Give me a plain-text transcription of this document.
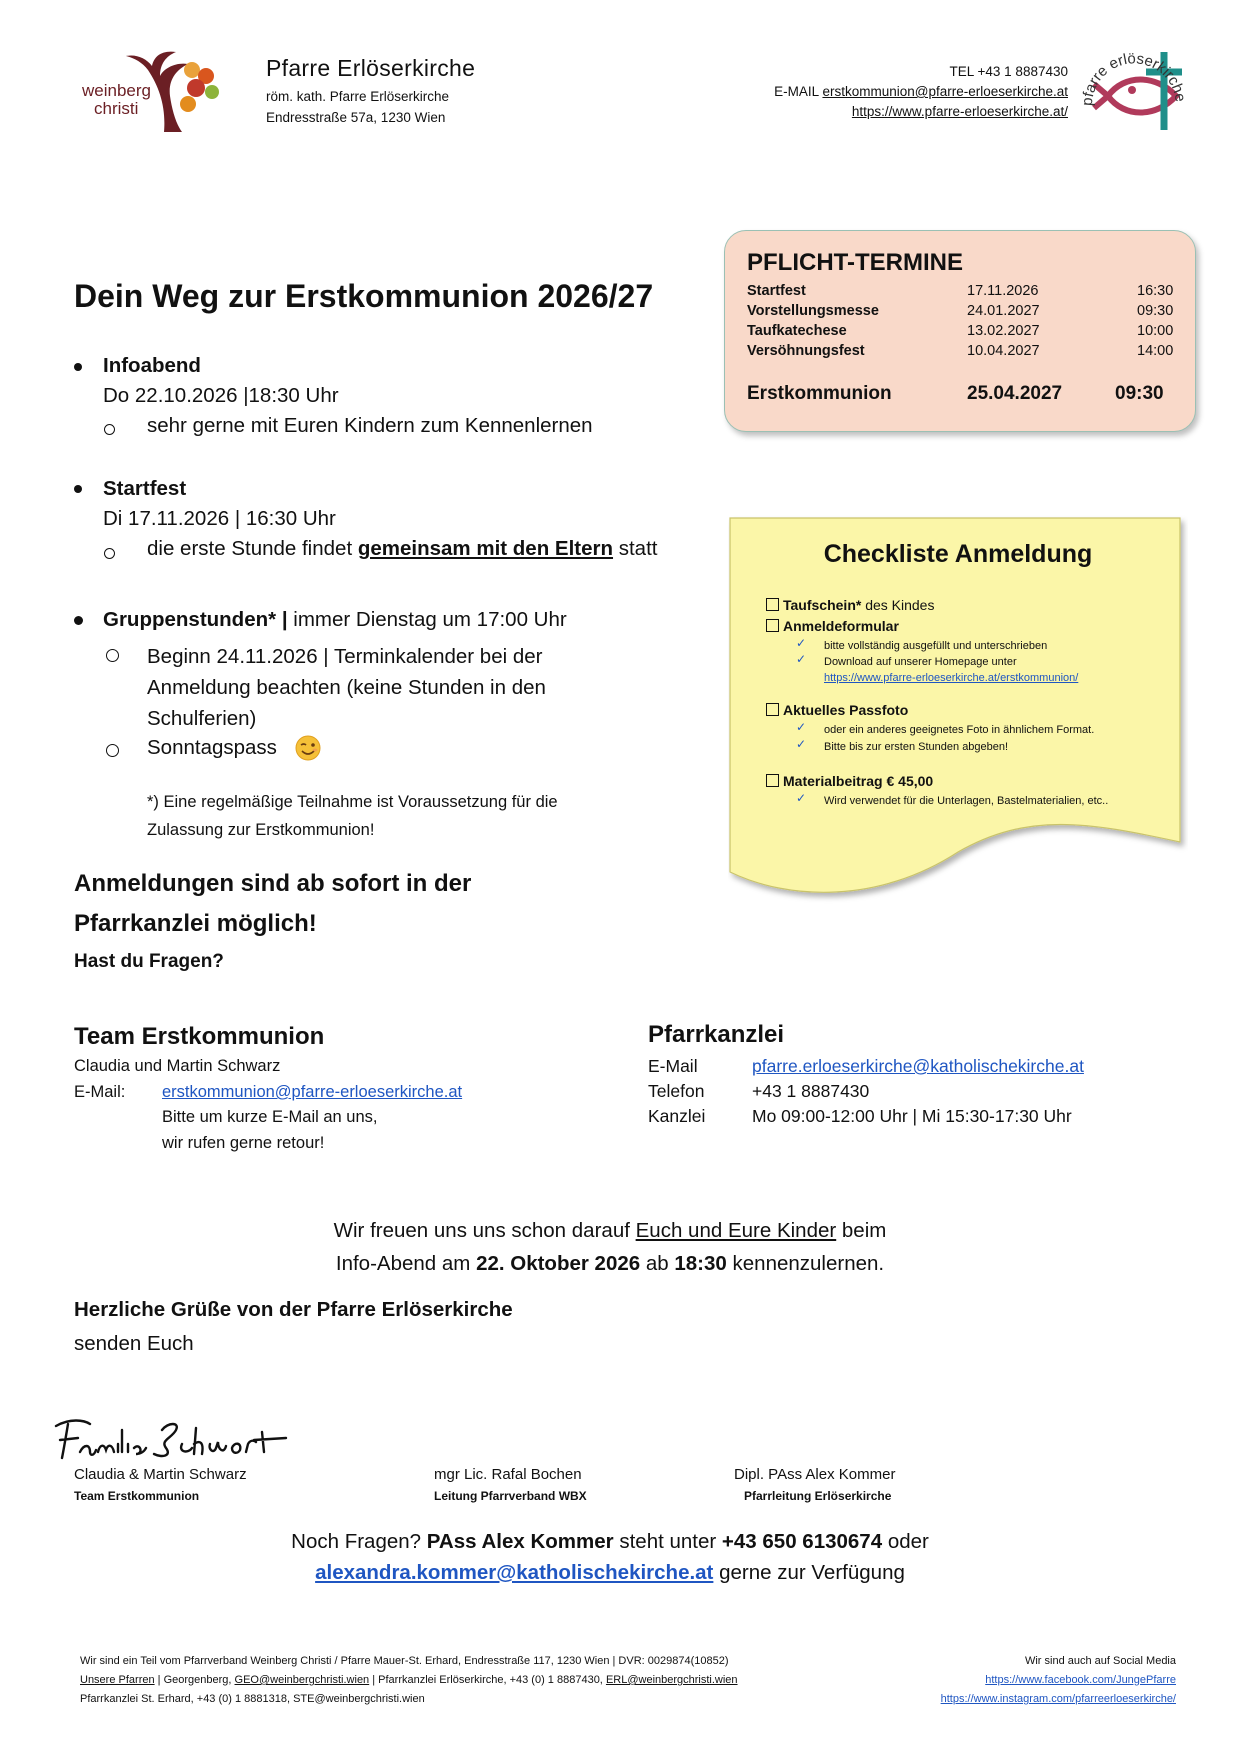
weinberg
christi
Pfarre Erlöserkirche
röm. kath. Pfarre Erlöserkirche
Endresstraße 57a, 1230 Wien
TEL +43 1 8887430
E-MAIL erstkommunion@pfarre-erloeserkirche.at
https://www.pfarre-erloeserkirche.at/
pfarre erlöserkirche
Dein Weg zur Erstkommunion 2026/27
Infoabend
Do 22.10.2026 |18:30 Uhr
sehr gerne mit Euren Kindern zum Kennenlernen
Startfest
Di 17.11.2026 | 16:30 Uhr
die erste Stunde findet gemeinsam mit den Eltern statt
Gruppenstunden* | immer Dienstag um 17:00 Uhr
Beginn 24.11.2026 | Terminkalender bei der
Anmeldung beachten (keine Stunden in den
Schulferien)
Sonntagspass
*) Eine regelmäßige Teilnahme ist Voraussetzung für die
Zulassung zur Erstkommunion!
Anmeldungen sind ab sofort in der
Pfarrkanzlei möglich!
Hast du Fragen?
PFLICHT-TERMINE
Startfest	17.11.2026	16:30
Vorstellungsmesse	24.01.2027	09:30
Taufkatechese	13.02.2027	10:00
Versöhnungsfest	10.04.2027	14:00
Erstkommunion	25.04.2027	09:30
Checkliste Anmeldung
Taufschein* des Kindes
Anmeldeformular
✓ bitte vollständig ausgefüllt und unterschrieben
✓ Download auf unserer Homepage unter
https://www.pfarre-erloeserkirche.at/erstkommunion/
Aktuelles Passfoto
✓ oder ein anderes geeignetes Foto in ähnlichem Format.
✓ Bitte bis zur ersten Stunden abgeben!
Materialbeitrag € 45,00
✓ Wird verwendet für die Unterlagen, Bastelmaterialien, etc..
Team Erstkommunion
Claudia und Martin Schwarz
E-Mail: erstkommunion@pfarre-erloeserkirche.at
Bitte um kurze E-Mail an uns,
wir rufen gerne retour!
Pfarrkanzlei
E-Mail	pfarre.erloeserkirche@katholischekirche.at
Telefon	+43 1 8887430
Kanzlei	Mo 09:00-12:00 Uhr | Mi 15:30-17:30 Uhr
Wir freuen uns uns schon darauf Euch und Eure Kinder beim
Info-Abend am 22. Oktober 2026 ab 18:30 kennenzulernen.
Herzliche Grüße von der Pfarre Erlöserkirche
senden Euch
Claudia & Martin Schwarz
Team Erstkommunion
mgr Lic. Rafal Bochen
Leitung Pfarrverband WBX
Dipl. PAss Alex Kommer
Pfarrleitung Erlöserkirche
Noch Fragen? PAss Alex Kommer steht unter +43 650 6130674 oder
alexandra.kommer@katholischekirche.at gerne zur Verfügung
Wir sind ein Teil vom Pfarrverband Weinberg Christi / Pfarre Mauer-St. Erhard, Endresstraße 117, 1230 Wien | DVR: 0029874(10852)
Unsere Pfarren | Georgenberg, GEO@weinbergchristi.wien | Pfarrkanzlei Erlöserkirche, +43 (0) 1 8887430, ERL@weinbergchristi.wien
Pfarrkanzlei St. Erhard, +43 (0) 1 8881318, STE@weinbergchristi.wien
Wir sind auch auf Social Media
https://www.facebook.com/JungePfarre
https://www.instagram.com/pfarreerloeserkirche/
